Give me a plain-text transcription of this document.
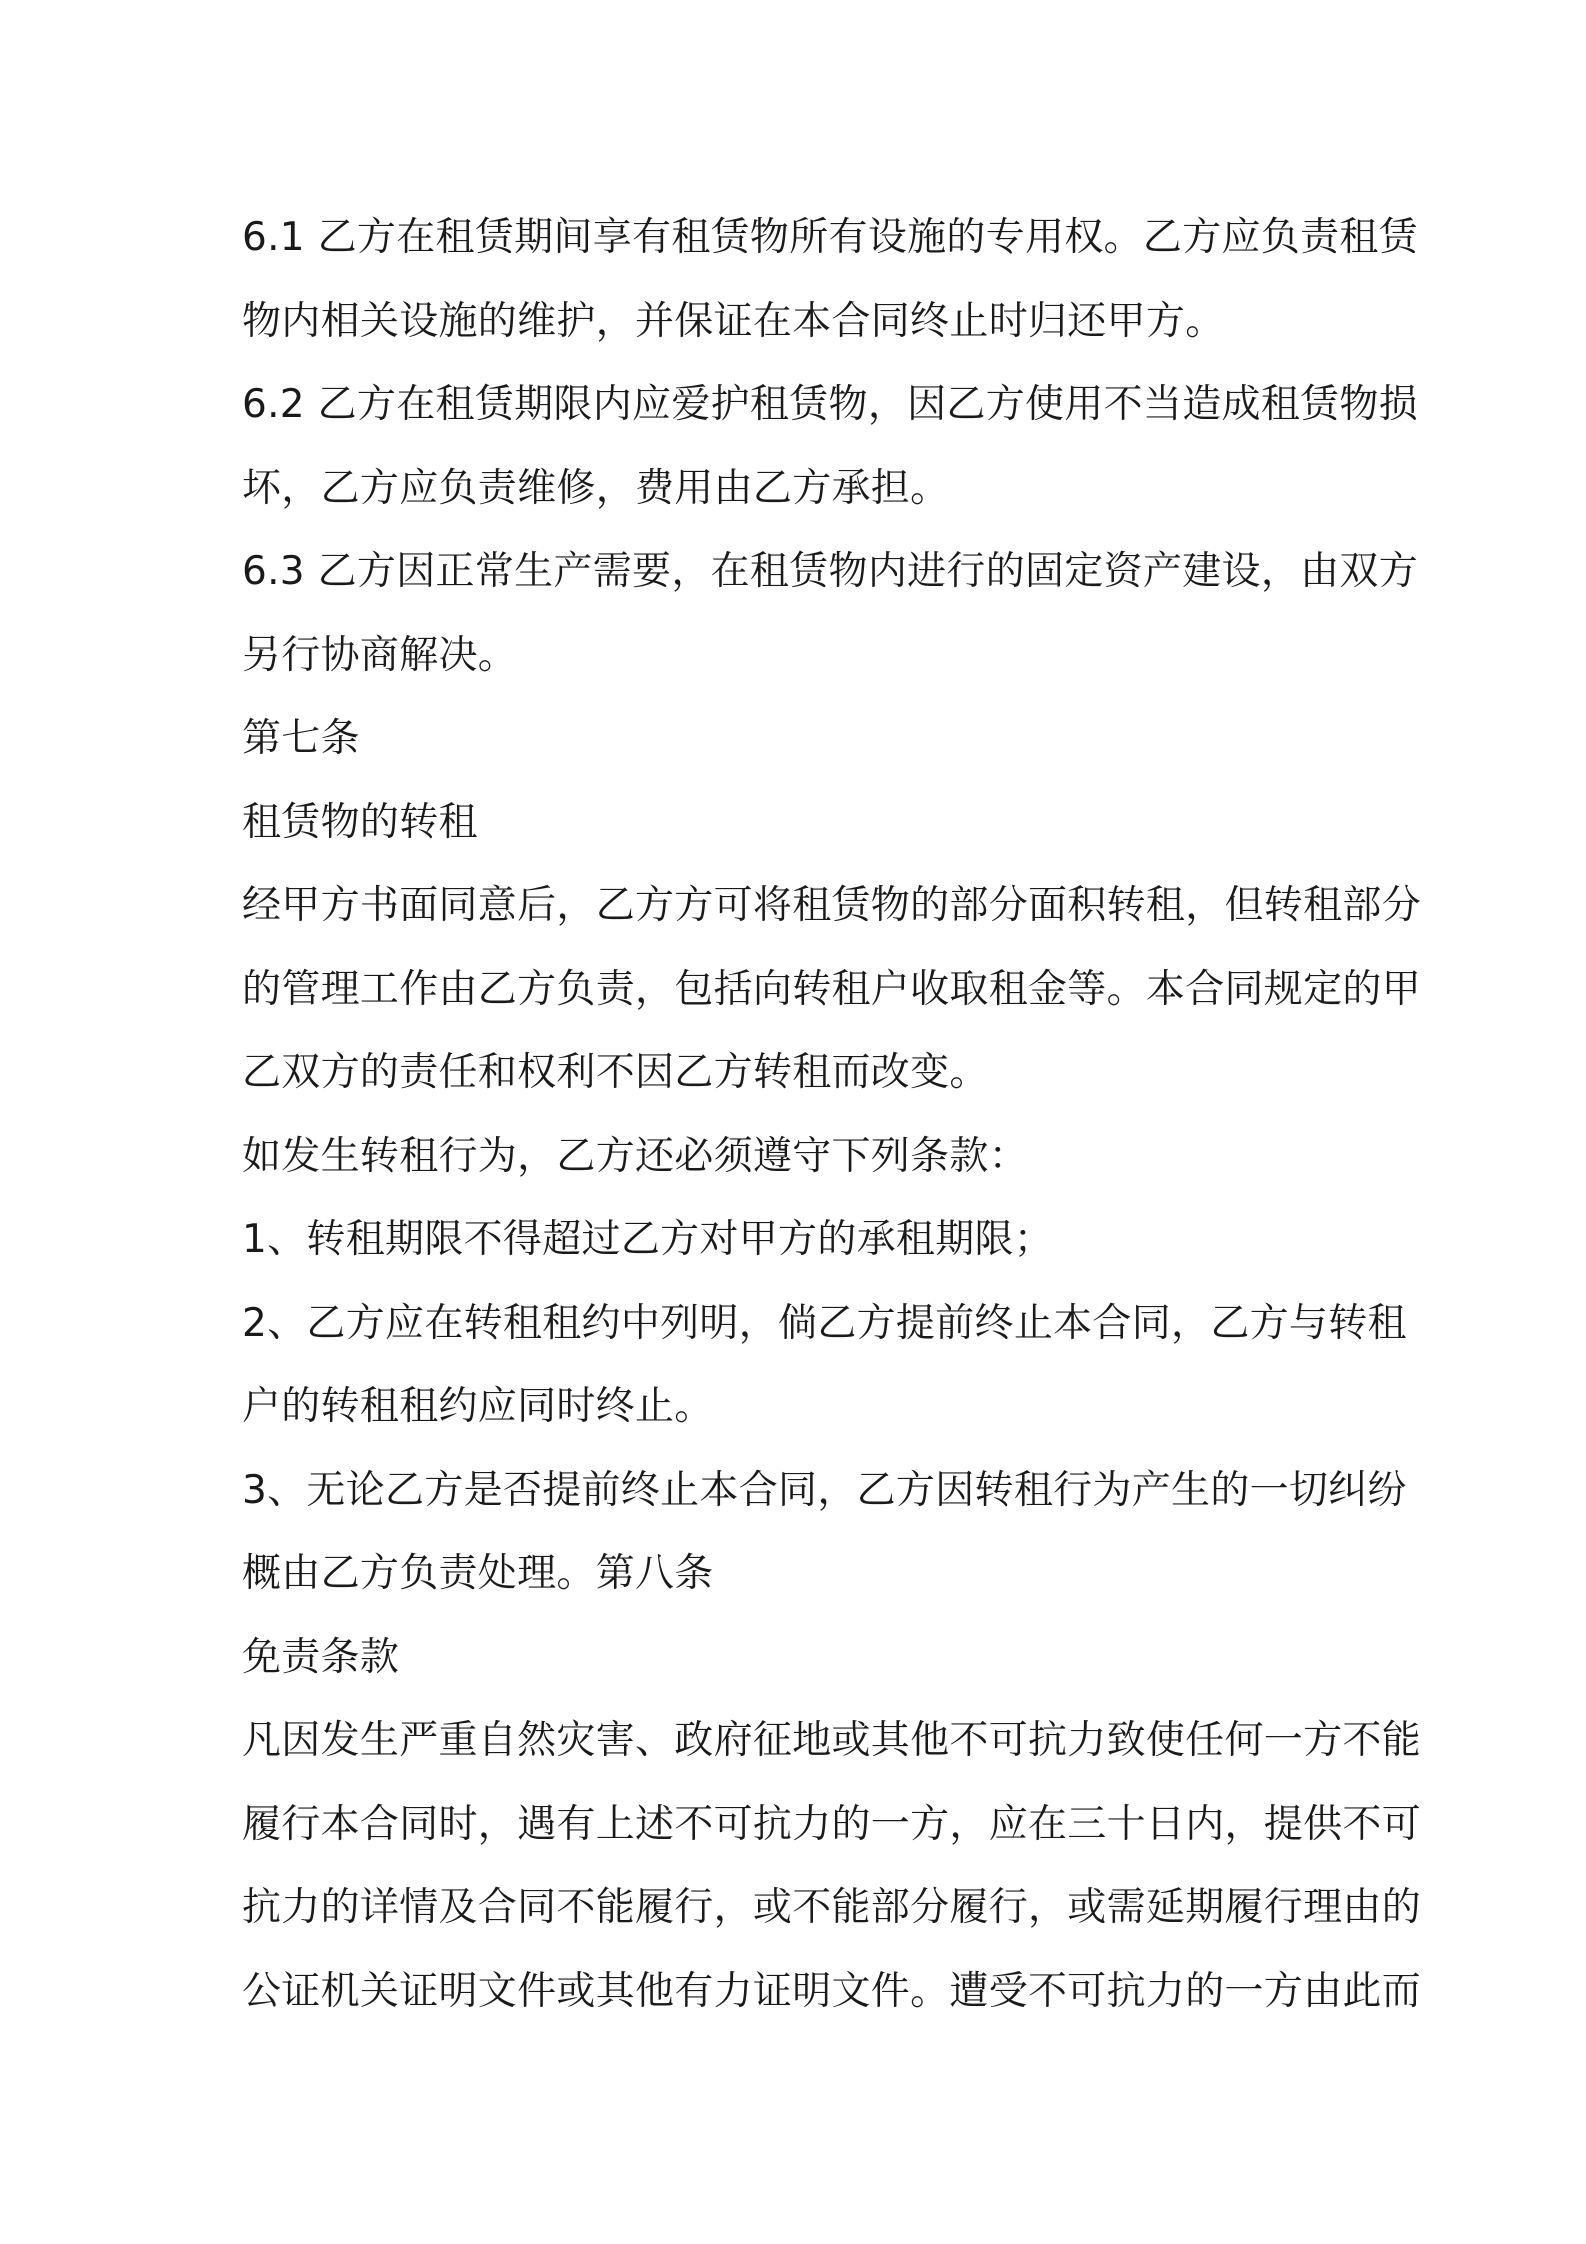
6.1 乙方在租赁期间享有租赁物所有设施的专用权。乙方应负责租赁
物内相关设施的维护，并保证在本合同终止时归还甲方。
6.2 乙方在租赁期限内应爱护租赁物，因乙方使用不当造成租赁物损
坏，乙方应负责维修，费用由乙方承担。
6.3 乙方因正常生产需要，在租赁物内进行的固定资产建设，由双方
另行协商解决。
第七条
租赁物的转租
经甲方书面同意后，乙方方可将租赁物的部分面积转租，但转租部分
的管理工作由乙方负责，包括向转租户收取租金等。本合同规定的甲
乙双方的责任和权利不因乙方转租而改变。
如发生转租行为，乙方还必须遵守下列条款：
1、转租期限不得超过乙方对甲方的承租期限；
2、乙方应在转租租约中列明，倘乙方提前终止本合同，乙方与转租
户的转租租约应同时终止。
3、无论乙方是否提前终止本合同，乙方因转租行为产生的一切纠纷
概由乙方负责处理。第八条
免责条款
凡因发生严重自然灾害、政府征地或其他不可抗力致使任何一方不能
履行本合同时，遇有上述不可抗力的一方，应在三十日内，提供不可
抗力的详情及合同不能履行，或不能部分履行，或需延期履行理由的
公证机关证明文件或其他有力证明文件。遭受不可抗力的一方由此而
